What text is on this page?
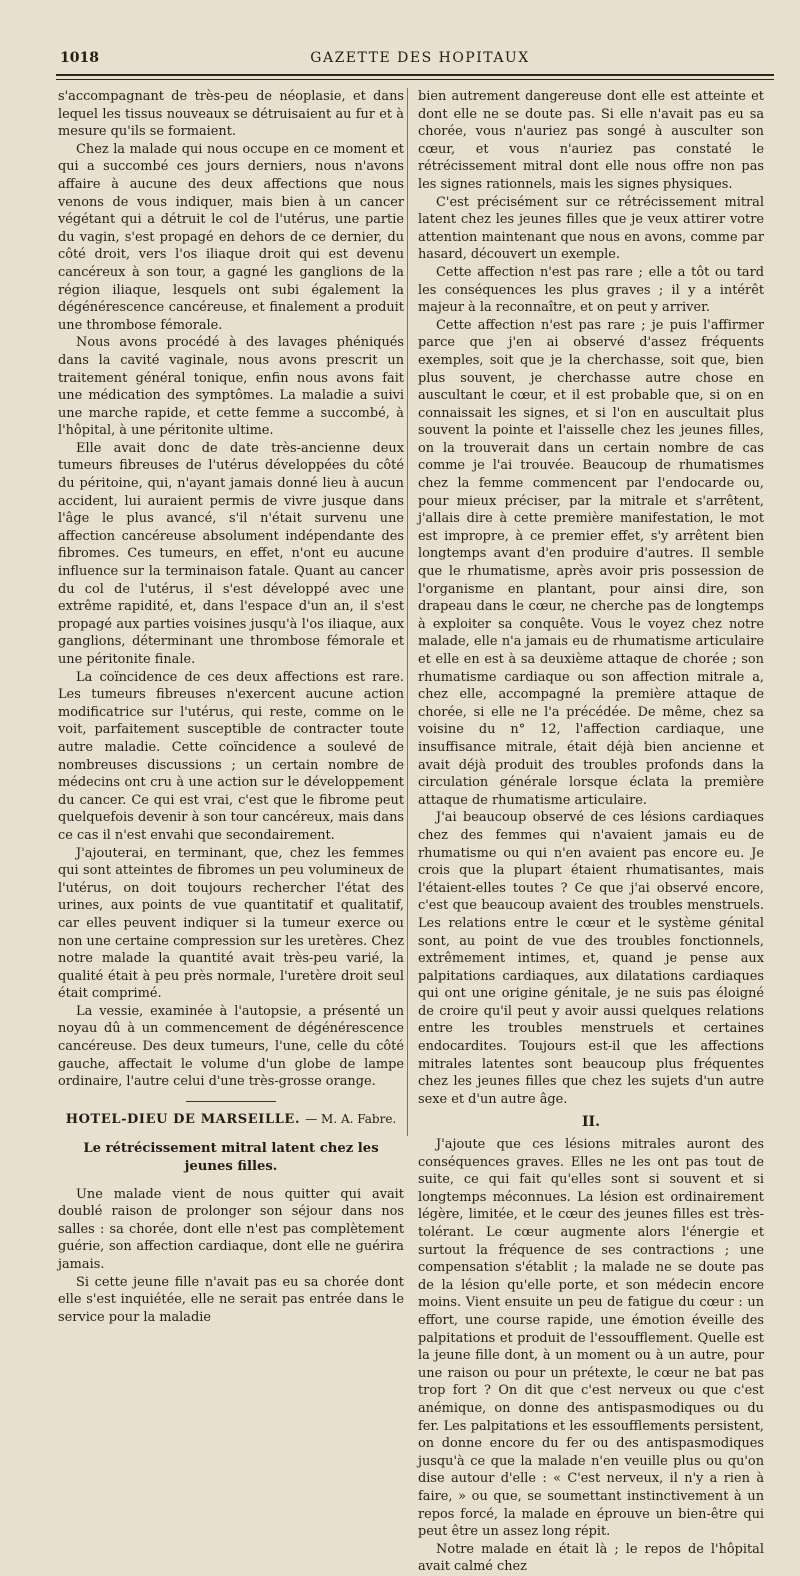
1018	GAZETTE DES HOPITAUX

s'accompagnant de très-peu de néoplasie, et dans lequel les tissus nouveaux se détruisaient au fur et à mesure qu'ils se formaient.

Chez la malade qui nous occupe en ce moment et qui a succombé ces jours derniers, nous n'avons affaire à aucune des deux affections que nous venons de vous indiquer, mais bien à un cancer végétant qui a détruit le col de l'utérus, une partie du vagin, s'est propagé en dehors de ce dernier, du côté droit, vers l'os iliaque droit qui est devenu cancéreux à son tour, a gagné les ganglions de la région iliaque, lesquels ont subi également la dégénérescence cancéreuse, et finalement a produit une thrombose fémorale.

Nous avons procédé à des lavages phéniqués dans la cavité vaginale, nous avons prescrit un traitement général tonique, enfin nous avons fait une médication des symptômes. La maladie a suivi une marche rapide, et cette femme a succombé, à l'hôpital, à une péritonite ultime.

Elle avait donc de date très-ancienne deux tumeurs fibreuses de l'utérus développées du côté du péritoine, qui, n'ayant jamais donné lieu à aucun accident, lui auraient permis de vivre jusque dans l'âge le plus avancé, s'il n'était survenu une affection cancéreuse absolument indépendante des fibromes. Ces tumeurs, en effet, n'ont eu aucune influence sur la terminaison fatale. Quant au cancer du col de l'utérus, il s'est développé avec une extrême rapidité, et, dans l'espace d'un an, il s'est propagé aux parties voisines jusqu'à l'os iliaque, aux ganglions, déterminant une thrombose fémorale et une péritonite finale.

La coïncidence de ces deux affections est rare. Les tumeurs fibreuses n'exercent aucune action modificatrice sur l'utérus, qui reste, comme on le voit, parfaitement susceptible de contracter toute autre maladie. Cette coïncidence a soulevé de nombreuses discussions ; un certain nombre de médecins ont cru à une action sur le développement du cancer. Ce qui est vrai, c'est que le fibrome peut quelquefois devenir à son tour cancéreux, mais dans ce cas il n'est envahi que secondairement.

J'ajouterai, en terminant, que, chez les femmes qui sont atteintes de fibromes un peu volumineux de l'utérus, on doit toujours rechercher l'état des urines, aux points de vue quantitatif et qualitatif, car elles peuvent indiquer si la tumeur exerce ou non une certaine compression sur les uretères. Chez notre malade la quantité avait très-peu varié, la qualité était à peu près normale, l'uretère droit seul était comprimé.

La vessie, examinée à l'autopsie, a présenté un noyau dû à un commencement de dégénérescence cancéreuse. Des deux tumeurs, l'une, celle du côté gauche, affectait le volume d'un globe de lampe ordinaire, l'autre celui d'une très-grosse orange.

HOTEL-DIEU DE MARSEILLE. — M. A. Fabre.
Le rétrécissement mitral latent chez les jeunes filles.

Une malade vient de nous quitter qui avait doublé raison de prolonger son séjour dans nos salles : sa chorée, dont elle n'est pas complètement guérie, son affection cardiaque, dont elle ne guérira jamais.

Si cette jeune fille n'avait pas eu sa chorée dont elle s'est inquiétée, elle ne serait pas entrée dans le service pour la maladie

bien autrement dangereuse dont elle est atteinte et dont elle ne se doute pas. Si elle n'avait pas eu sa chorée, vous n'auriez pas songé à ausculter son cœur, et vous n'auriez pas constaté le rétrécissement mitral dont elle nous offre non pas les signes rationnels, mais les signes physiques.

C'est précisément sur ce rétrécissement mitral latent chez les jeunes filles que je veux attirer votre attention maintenant que nous en avons, comme par hasard, découvert un exemple.

Cette affection n'est pas rare ; elle a tôt ou tard les conséquences les plus graves ; il y a intérêt majeur à la reconnaître, et on peut y arriver.

Cette affection n'est pas rare ; je puis l'affirmer parce que j'en ai observé d'assez fréquents exemples, soit que je la cherchasse, soit que, bien plus souvent, je cherchasse autre chose en auscultant le cœur, et il est probable que, si on en connaissait les signes, et si l'on en auscultait plus souvent la pointe et l'aisselle chez les jeunes filles, on la trouverait dans un certain nombre de cas comme je l'ai trouvée. Beaucoup de rhumatismes chez la femme commencent par l'endocarde ou, pour mieux préciser, par la mitrale et s'arrêtent, j'allais dire à cette première manifestation, le mot est impropre, à ce premier effet, s'y arrêtent bien longtemps avant d'en produire d'autres. Il semble que le rhumatisme, après avoir pris possession de l'organisme en plantant, pour ainsi dire, son drapeau dans le cœur, ne cherche pas de longtemps à exploiter sa conquête. Vous le voyez chez notre malade, elle n'a jamais eu de rhumatisme articulaire et elle en est à sa deuxième attaque de chorée ; son rhumatisme cardiaque ou son affection mitrale a, chez elle, accompagné la première attaque de chorée, si elle ne l'a précédée. De même, chez sa voisine du n° 12, l'affection cardiaque, une insuffisance mitrale, était déjà bien ancienne et avait déjà produit des troubles profonds dans la circulation générale lorsque éclata la première attaque de rhumatisme articulaire.

J'ai beaucoup observé de ces lésions cardiaques chez des femmes qui n'avaient jamais eu de rhumatisme ou qui n'en avaient pas encore eu. Je crois que la plupart étaient rhumatisantes, mais l'étaient-elles toutes ? Ce que j'ai observé encore, c'est que beaucoup avaient des troubles menstruels. Les relations entre le cœur et le système génital sont, au point de vue des troubles fonctionnels, extrêmement intimes, et, quand je pense aux palpitations cardiaques, aux dilatations cardiaques qui ont une origine génitale, je ne suis pas éloigné de croire qu'il peut y avoir aussi quelques relations entre les troubles menstruels et certaines endocardites. Toujours est-il que les affections mitrales latentes sont beaucoup plus fréquentes chez les jeunes filles que chez les sujets d'un autre sexe et d'un autre âge.

II.

J'ajoute que ces lésions mitrales auront des conséquences graves. Elles ne les ont pas tout de suite, ce qui fait qu'elles sont si souvent et si longtemps méconnues. La lésion est ordinairement légère, limitée, et le cœur des jeunes filles est très-tolérant. Le cœur augmente alors l'énergie et surtout la fréquence de ses contractions ; une compensation s'établit ; la malade ne se doute pas de la lésion qu'elle porte, et son médecin encore moins. Vient ensuite un peu de fatigue du cœur : un effort, une course rapide, une émotion éveille des palpitations et produit de l'essoufflement. Quelle est la jeune fille dont, à un moment ou à un autre, pour une raison ou pour un prétexte, le cœur ne bat pas trop fort ? On dit que c'est nerveux ou que c'est anémique, on donne des antispasmodiques ou du fer. Les palpitations et les essoufflements persistent, on donne encore du fer ou des antispasmodiques jusqu'à ce que la malade n'en veuille plus ou qu'on dise autour d'elle : « C'est nerveux, il n'y a rien à faire, » ou que, se soumettant instinctivement à un repos forcé, la malade en éprouve un bien-être qui peut être un assez long répit.

Notre malade en était là ; le repos de l'hôpital avait calmé chez
